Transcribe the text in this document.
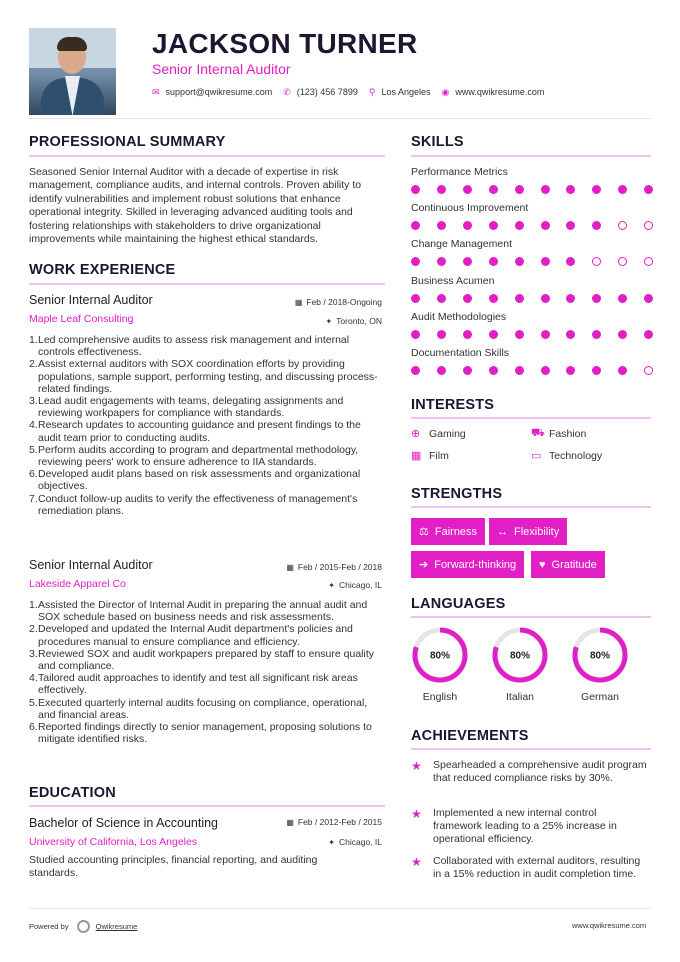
JACKSON TURNER
Senior Internal Auditor
✉ support@qwikresume.com ✆ (123) 456 7899 ⚲ Los Angeles ◉ www.qwikresume.com
PROFESSIONAL SUMMARY
Seasoned Senior Internal Auditor with a decade of expertise in risk management, compliance audits, and internal controls. Proven ability to identify vulnerabilities and implement robust solutions that enhance operational integrity. Skilled in leveraging advanced auditing tools and fostering relationships with stakeholders to drive organizational improvements while maintaining the highest ethical standards.
WORK EXPERIENCE
Senior Internal Auditor	▦ Feb / 2018-Ongoing
Maple Leaf Consulting	✦ Toronto, ON
1. Led comprehensive audits to assess risk management and internal controls effectiveness.
2. Assist external auditors with SOX coordination efforts by providing populations, sample support, performing testing, and discussing process-related findings.
3. Lead audit engagements with teams, delegating assignments and reviewing workpapers for compliance with standards.
4. Research updates to accounting guidance and present findings to the audit team prior to conducting audits.
5. Perform audits according to program and departmental methodology, reviewing peers' work to ensure adherence to IIA standards.
6. Developed audit plans based on risk assessments and organizational objectives.
7. Conduct follow-up audits to verify the effectiveness of management's remediation plans.
Senior Internal Auditor	▦ Feb / 2015-Feb / 2018
Lakeside Apparel Co	✦ Chicago, IL
1. Assisted the Director of Internal Audit in preparing the annual audit and SOX schedule based on business needs and risk assessments.
2. Developed and updated the Internal Audit department's policies and procedures manual to ensure compliance and efficiency.
3. Reviewed SOX and audit workpapers prepared by staff to ensure quality and compliance.
4. Tailored audit approaches to identify and test all significant risk areas effectively.
5. Executed quarterly internal audits focusing on compliance, operational, and financial areas.
6. Reported findings directly to senior management, proposing solutions to mitigate identified risks.
EDUCATION
Bachelor of Science in Accounting	▦ Feb / 2012-Feb / 2015
University of California, Los Angeles	✦ Chicago, IL
Studied accounting principles, financial reporting, and auditing standards.
SKILLS
Performance Metrics
Continuous Improvement
Change Management
Business Acumen
Audit Methodologies
Documentation Skills
INTERESTS
⊕ Gaming	⛟ Fashion
▦ Film	▭ Technology
STRENGTHS
⚖ Fairness ↔ Flexibility
➔ Forward-thinking ♥ Gratitude
LANGUAGES
80%	80%	80%
English	Italian	German
ACHIEVEMENTS
★ Spearheaded a comprehensive audit program that reduced compliance risks by 30%.
★ Implemented a new internal control framework leading to a 25% increase in operational efficiency.
★ Collaborated with external auditors, resulting in a 15% reduction in audit completion time.
Powered by	Qwikresume	www.qwikresume.com
